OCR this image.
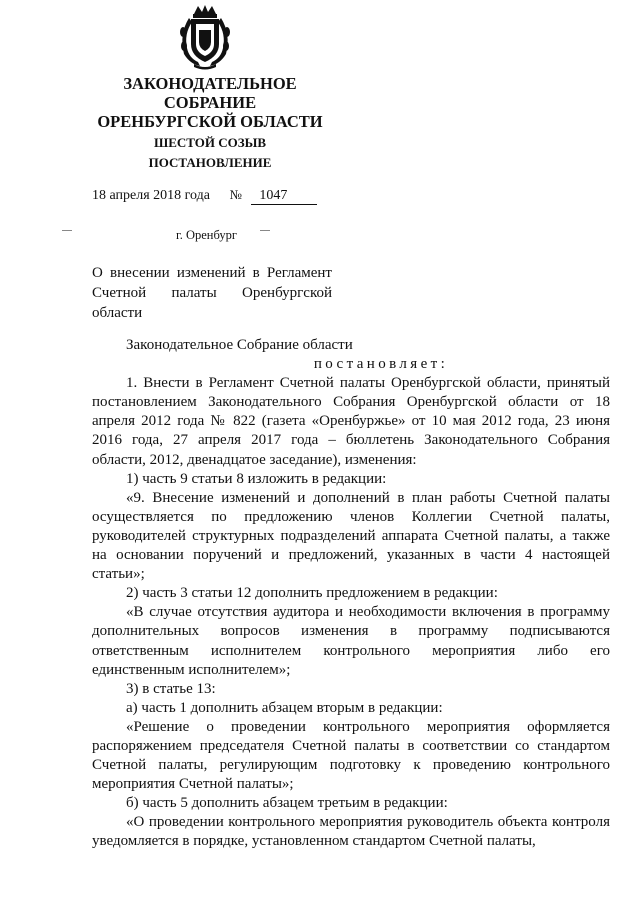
ЗАКОНОДАТЕЛЬНОЕ
СОБРАНИЕ
ОРЕНБУРГСКОЙ ОБЛАСТИ
ШЕСТОЙ СОЗЫВ
ПОСТАНОВЛЕНИЕ
18 апреля 2018 года № 1047
г. Оренбург
О внесении изменений в Регламент Счетной палаты Оренбургской области

Законодательное Собрание области

постановляет:

1. Внести в Регламент Счетной палаты Оренбургской области, принятый постановлением Законодательного Собрания Оренбургской области от 18 апреля 2012 года № 822 (газета «Оренбуржье» от 10 мая 2012 года, 23 июня 2016 года, 27 апреля 2017 года – бюллетень Законодательного Собрания области, 2012, двенадцатое заседание), изменения:

1) часть 9 статьи 8 изложить в редакции:

«9. Внесение изменений и дополнений в план работы Счетной палаты осуществляется по предложению членов Коллегии Счетной палаты, руководителей структурных подразделений аппарата Счетной палаты, а также на основании поручений и предложений, указанных в части 4 настоящей статьи»;

2) часть 3 статьи 12 дополнить предложением в редакции:

«В случае отсутствия аудитора и необходимости включения в программу дополнительных вопросов изменения в программу подписываются ответственным исполнителем контрольного мероприятия либо его единственным исполнителем»;

3) в статье 13:

а) часть 1 дополнить абзацем вторым в редакции:

«Решение о проведении контрольного мероприятия оформляется распоряжением председателя Счетной палаты в соответствии со стандартом Счетной палаты, регулирующим подготовку к проведению контрольного мероприятия Счетной палаты»;

б) часть 5 дополнить абзацем третьим в редакции:

«О проведении контрольного мероприятия руководитель объекта контроля уведомляется в порядке, установленном стандартом Счетной палаты,
